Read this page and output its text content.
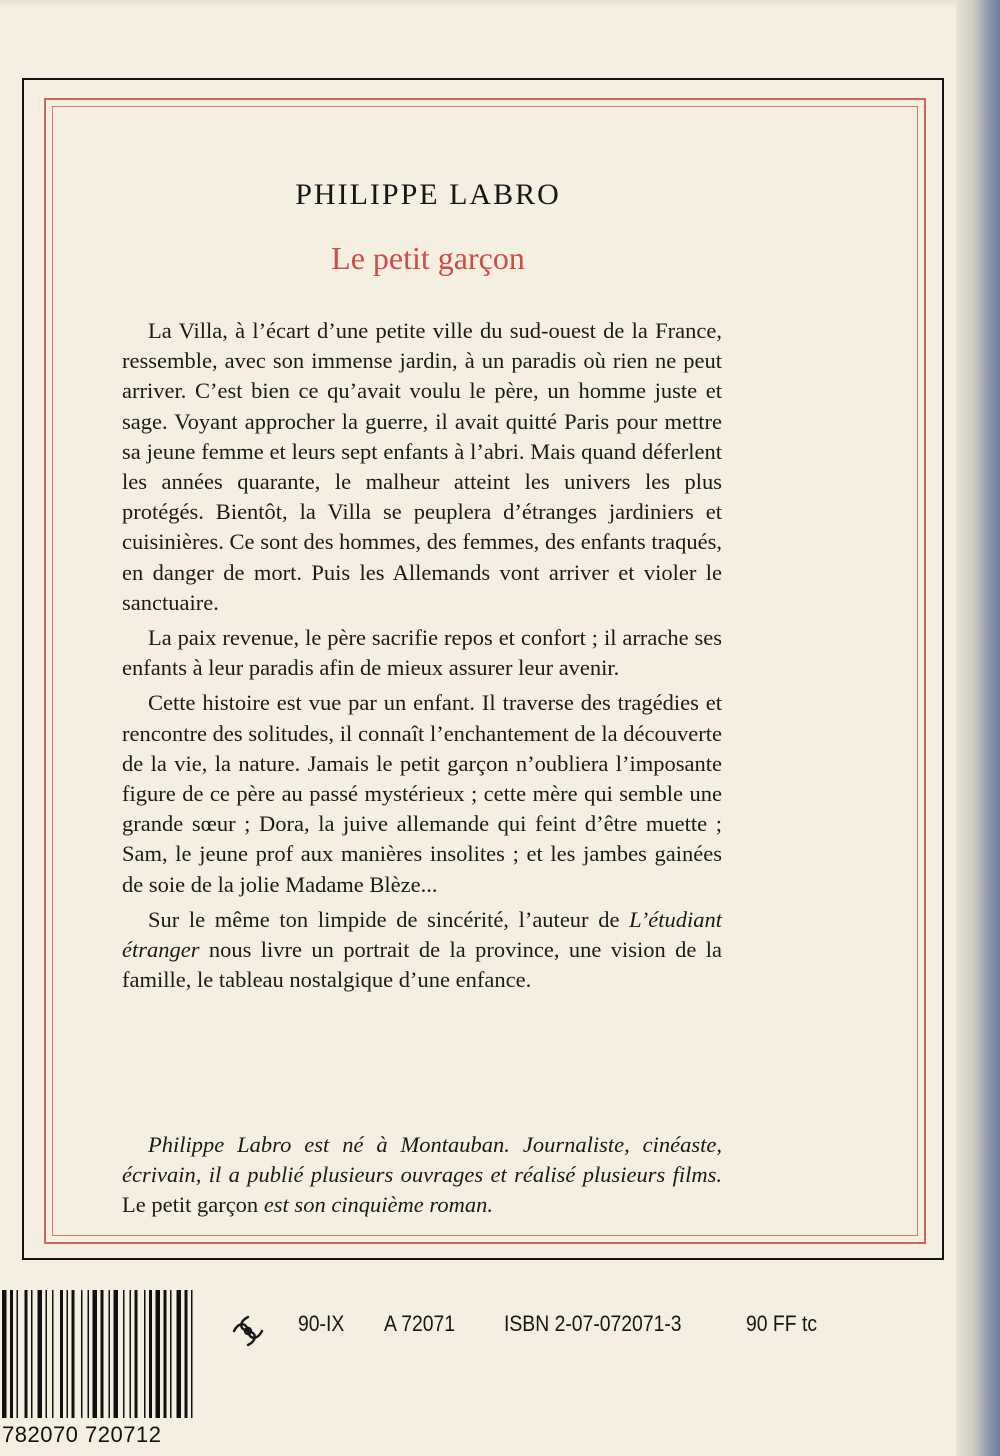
PHILIPPE LABRO
Le petit garçon

La Villa, à l’écart d’une petite ville du sud-ouest de la France, ressemble, avec son immense jardin, à un paradis où rien ne peut arriver. C’est bien ce qu’avait voulu le père, un homme juste et sage. Voyant approcher la guerre, il avait quitté Paris pour mettre sa jeune femme et leurs sept enfants à l’abri. Mais quand déferlent les années quarante, le malheur atteint les univers les plus protégés. Bientôt, la Villa se peuplera d’étranges jardiniers et cuisinières. Ce sont des hommes, des femmes, des enfants traqués, en danger de mort. Puis les Allemands vont arriver et violer le sanctuaire.

La paix revenue, le père sacrifie repos et confort ; il arrache ses enfants à leur paradis afin de mieux assurer leur avenir.

Cette histoire est vue par un enfant. Il traverse des tragédies et rencontre des solitudes, il connaît l’enchantement de la découverte de la vie, la nature. Jamais le petit garçon n’oubliera l’imposante figure de ce père au passé mystérieux ; cette mère qui semble une grande sœur ; Dora, la juive allemande qui feint d’être muette ; Sam, le jeune prof aux manières insolites ; et les jambes gainées de soie de la jolie Madame Blèze...

Sur le même ton limpide de sincérité, l’auteur de L’étudiant étranger nous livre un portrait de la province, une vision de la famille, le tableau nostalgique d’une enfance.

Philippe Labro est né à Montauban. Journaliste, cinéaste, écrivain, il a publié plusieurs ouvrages et réalisé plusieurs films. Le petit garçon est son cinquième roman.
782070 720712
90-IX A 72071 ISBN 2-07-072071-3	90 FF tc
